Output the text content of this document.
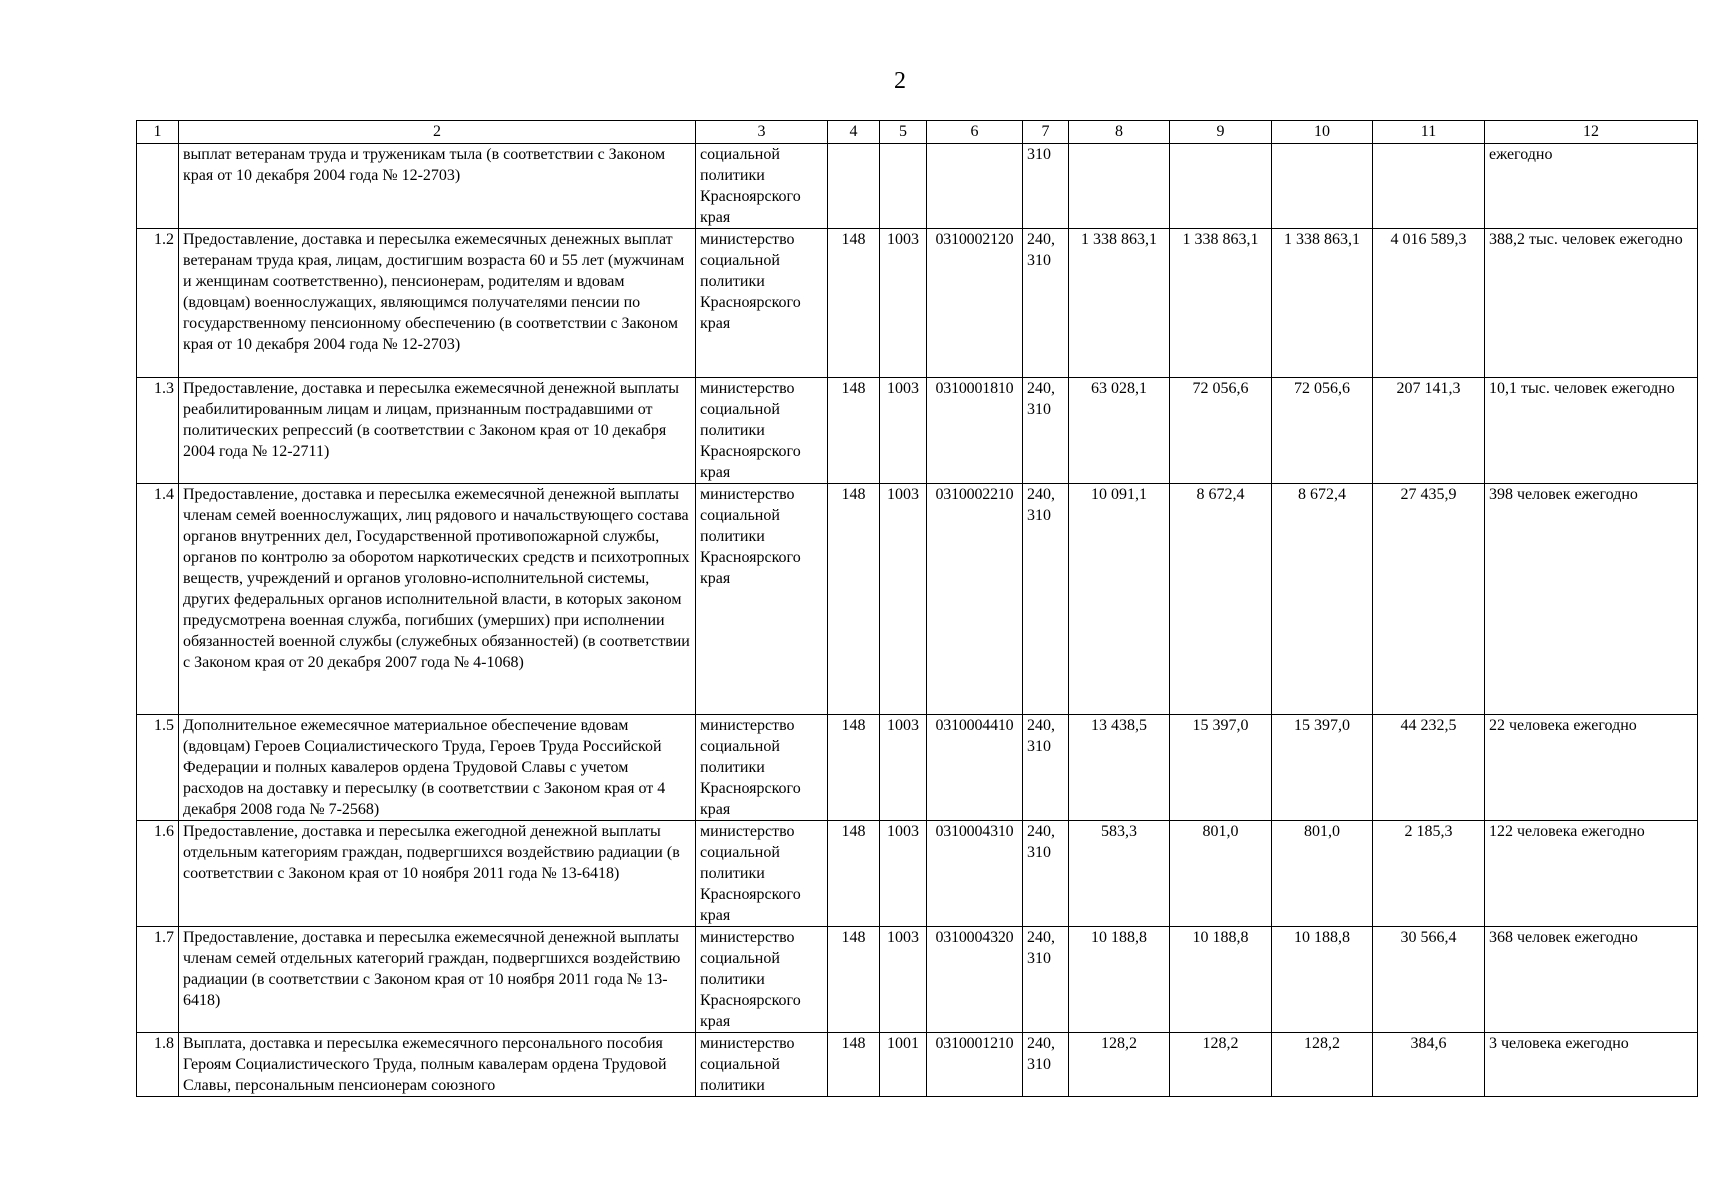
2
1	2	3	4	5	6	7	8	9	10	11	12
	выплат ветеранам труда и труженикам тыла (в соответствии с Законом края от 10 декабря 2004 года № 12-2703)	социальной политики Красноярского края				310					ежегодно
1.2	Предоставление, доставка и пересылка ежемесячных денежных выплат ветеранам труда края, лицам, достигшим возраста 60 и 55 лет (мужчинам и женщинам соответственно), пенсионерам, родителям и вдовам (вдовцам) военнослужащих, являющимся получателями пенсии по государственному пенсионному обеспечению (в соответствии с Законом края от 10 декабря 2004 года № 12-2703)	министерство социальной политики Красноярского края	148	1003	0310002120	240, 310	1 338 863,1	1 338 863,1	1 338 863,1	4 016 589,3	388,2 тыс. человек ежегодно
1.3	Предоставление, доставка и пересылка ежемесячной денежной выплаты реабилитированным лицам и лицам, признанным пострадавшими от политических репрессий (в соответствии с Законом края от 10 декабря 2004 года № 12-2711)	министерство социальной политики Красноярского края	148	1003	0310001810	240, 310	63 028,1	72 056,6	72 056,6	207 141,3	10,1 тыс. человек ежегодно
1.4	Предоставление, доставка и пересылка ежемесячной денежной выплаты членам семей военнослужащих, лиц рядового и начальствующего состава органов внутренних дел, Государственной противопожарной службы, органов по контролю за оборотом наркотических средств и психотропных веществ, учреждений и органов уголовно-исполнительной системы, других федеральных органов исполнительной власти, в которых законом предусмотрена военная служба, погибших (умерших) при исполнении обязанностей военной службы (служебных обязанностей) (в соответствии с Законом края от 20 декабря 2007 года № 4-1068)	министерство социальной политики Красноярского края	148	1003	0310002210	240, 310	10 091,1	8 672,4	8 672,4	27 435,9	398 человек ежегодно
1.5	Дополнительное ежемесячное материальное обеспечение вдовам (вдовцам) Героев Социалистического Труда, Героев Труда Российской Федерации и полных кавалеров ордена Трудовой Славы с учетом расходов на доставку и пересылку (в соответствии с Законом края от 4 декабря 2008 года № 7-2568)	министерство социальной политики Красноярского края	148	1003	0310004410	240, 310	13 438,5	15 397,0	15 397,0	44 232,5	22 человека ежегодно
1.6	Предоставление, доставка и пересылка ежегодной денежной выплаты отдельным категориям граждан, подвергшихся воздействию радиации (в соответствии с Законом края от 10 ноября 2011 года № 13-6418)	министерство социальной политики Красноярского края	148	1003	0310004310	240, 310	583,3	801,0	801,0	2 185,3	122 человека ежегодно
1.7	Предоставление, доставка и пересылка ежемесячной денежной выплаты членам семей отдельных категорий граждан, подвергшихся воздействию радиации (в соответствии с Законом края от 10 ноября 2011 года № 13-6418)	министерство социальной политики Красноярского края	148	1003	0310004320	240, 310	10 188,8	10 188,8	10 188,8	30 566,4	368 человек ежегодно
1.8	Выплата, доставка и пересылка ежемесячного персонального пособия Героям Социалистического Труда, полным кавалерам ордена Трудовой Славы, персональным пенсионерам союзного	министерство социальной политики	148	1001	0310001210	240, 310	128,2	128,2	128,2	384,6	3 человека ежегодно
